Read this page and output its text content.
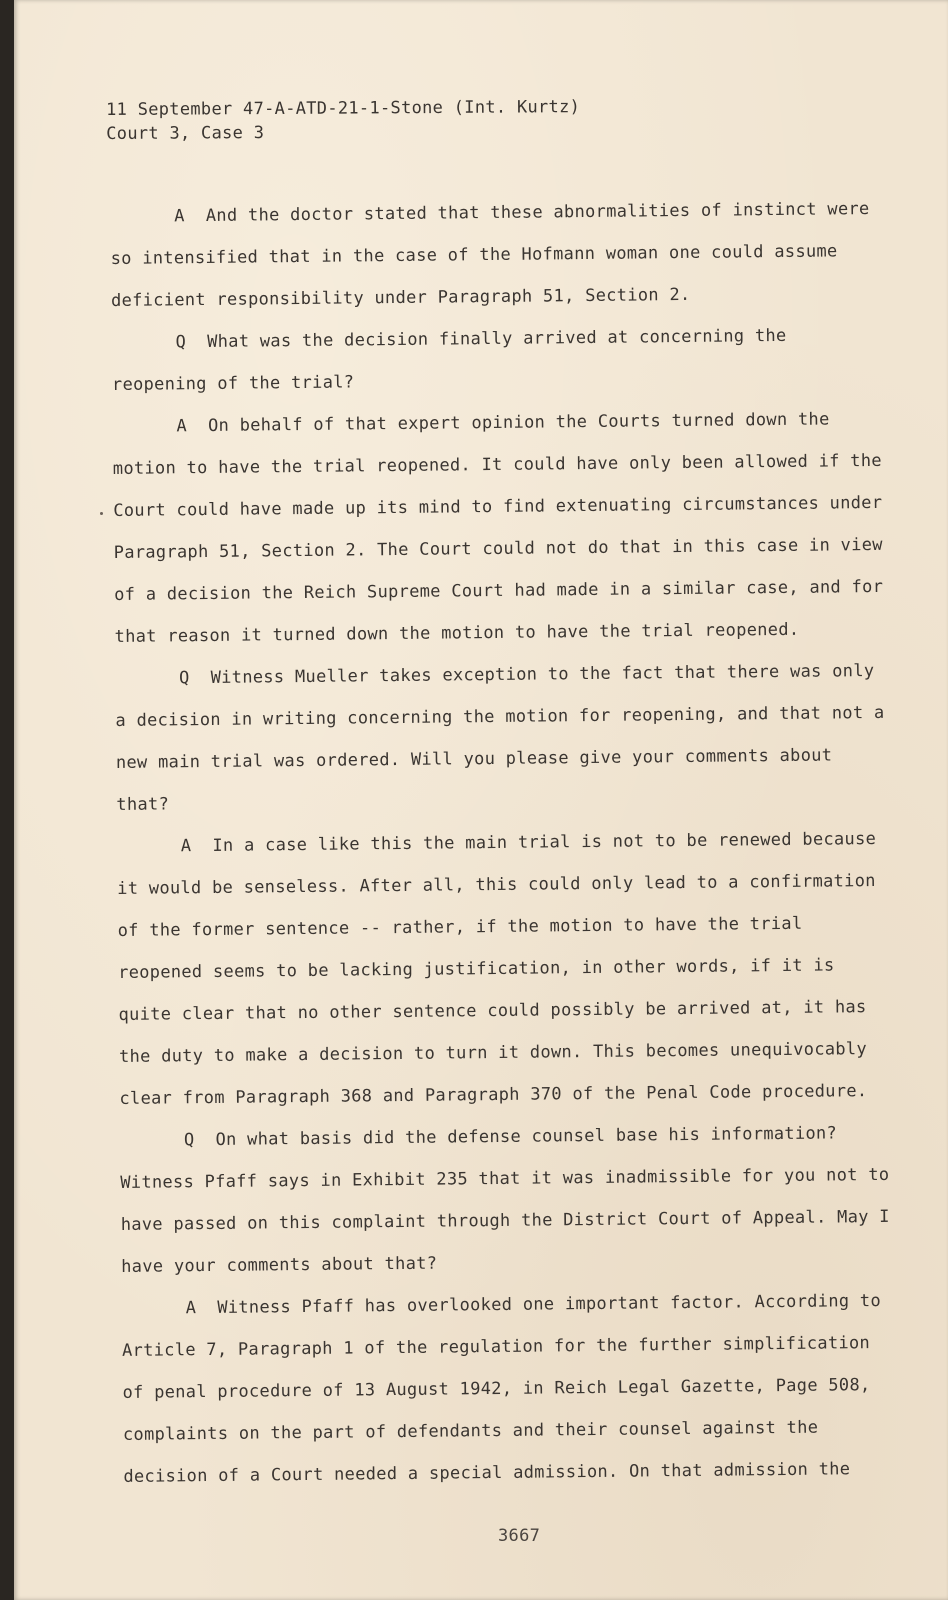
11 September 47-A-ATD-21-1-Stone (Int. Kurtz)
Court 3, Case 3

A And the doctor stated that these abnormalities of instinct were so intensified that in the case of the Hofmann woman one could assume deficient responsibility under Paragraph 51, Section 2.

Q What was the decision finally arrived at concerning the reopening of the trial?

A On behalf of that expert opinion the Courts turned down the motion to have the trial reopened. It could have only been allowed if the Court could have made up its mind to find extenuating circumstances under Paragraph 51, Section 2. The Court could not do that in this case in view of a decision the Reich Supreme Court had made in a similar case, and for that reason it turned down the motion to have the trial reopened.

Q Witness Mueller takes exception to the fact that there was only a decision in writing concerning the motion for reopening, and that not a new main trial was ordered. Will you please give your comments about that?

A In a case like this the main trial is not to be renewed because it would be senseless. After all, this could only lead to a confirmation of the former sentence -- rather, if the motion to have the trial reopened seems to be lacking justification, in other words, if it is quite clear that no other sentence could possibly be arrived at, it has the duty to make a decision to turn it down. This becomes unequivocably clear from Paragraph 368 and Paragraph 370 of the Penal Code procedure.

Q On what basis did the defense counsel base his information? Witness Pfaff says in Exhibit 235 that it was inadmissible for you not to have passed on this complaint through the District Court of Appeal. May I have your comments about that?

A Witness Pfaff has overlooked one important factor. According to Article 7, Paragraph 1 of the regulation for the further simplification of penal procedure of 13 August 1942, in Reich Legal Gazette, Page 508, complaints on the part of defendants and their counsel against the decision of a Court needed a special admission. On that admission the

3667
